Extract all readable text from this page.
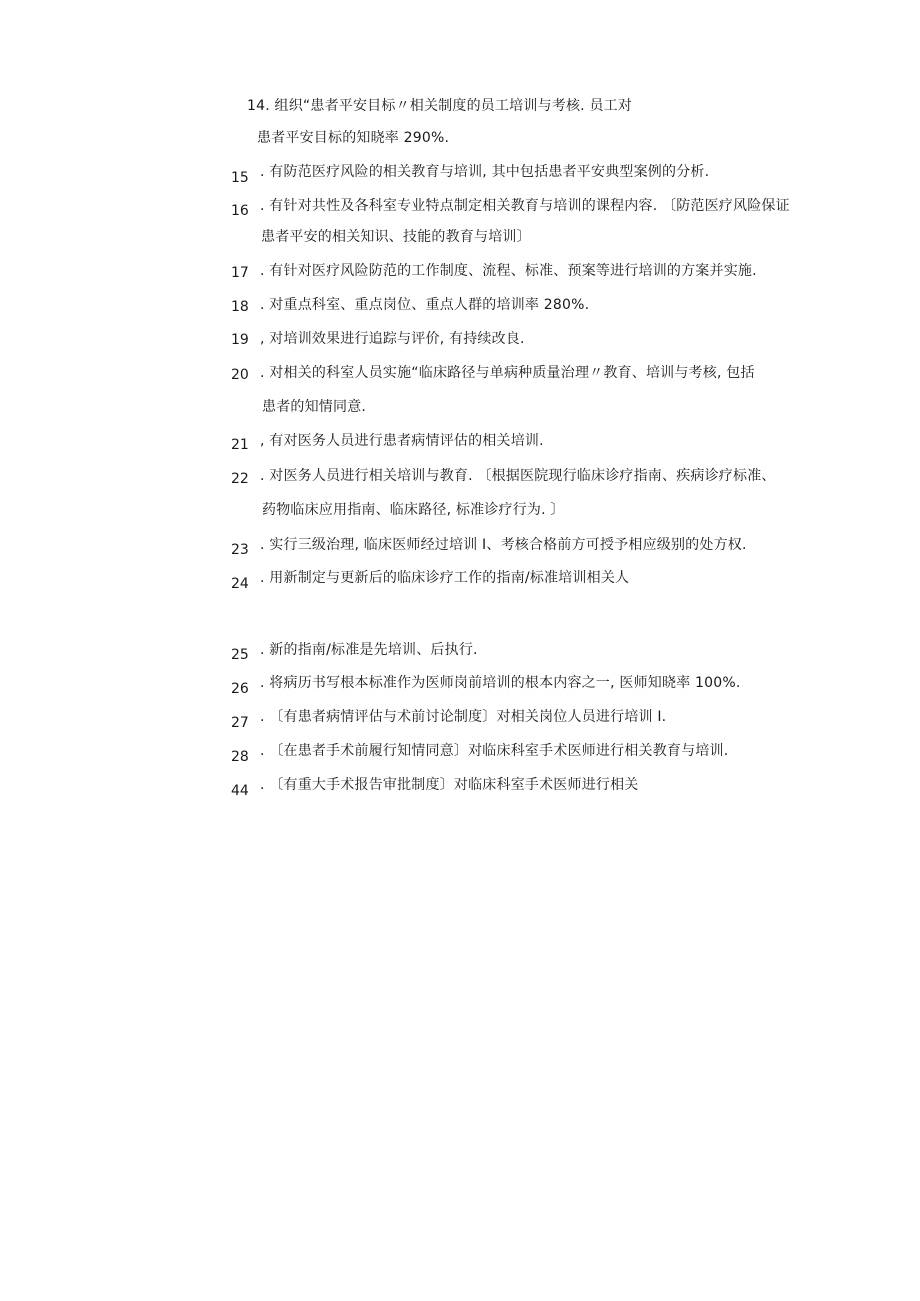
14. 组织“患者平安目标〃相关制度的员工培训与考核. 员工对
患者平安目标的知晓率 290%.
15 . 有防范医疗风险的相关教育与培训, 其中包括患者平安典型案例的分析.
16 . 有针对共性及各科室专业特点制定相关教育与培训的课程内容. 〔防范医疗风险保证
患者平安的相关知识、技能的教育与培训〕
17 . 有针对医疗风险防范的工作制度、流程、标准、预案等进行培训的方案并实施.
18 . 对重点科室、重点岗位、重点人群的培训率 280%.
19 , 对培训效果进行追踪与评价, 有持续改良.
20 . 对相关的科室人员实施“临床路径与单病种质量治理〃教育、培训与考核, 包括
患者的知情同意.
21 , 有对医务人员进行患者病情评估的相关培训.
22 . 对医务人员进行相关培训与教育. 〔根据医院现行临床诊疗指南、疾病诊疗标准、
药物临床应用指南、临床路径, 标准诊疗行为. 〕
23 . 实行三级治理, 临床医师经过培训 I、考核合格前方可授予相应级别的处方权.
24 . 用新制定与更新后的临床诊疗工作的指南/标准培训相关人
25 . 新的指南/标准是先培训、后执行.
26 . 将病历书写根本标准作为医师岗前培训的根本内容之一, 医师知晓率 100%.
27 . 〔有患者病情评估与术前讨论制度〕对相关岗位人员进行培训 I.
28 . 〔在患者手术前履行知情同意〕对临床科室手术医师进行相关教育与培训.
44 . 〔有重大手术报告审批制度〕对临床科室手术医师进行相关
